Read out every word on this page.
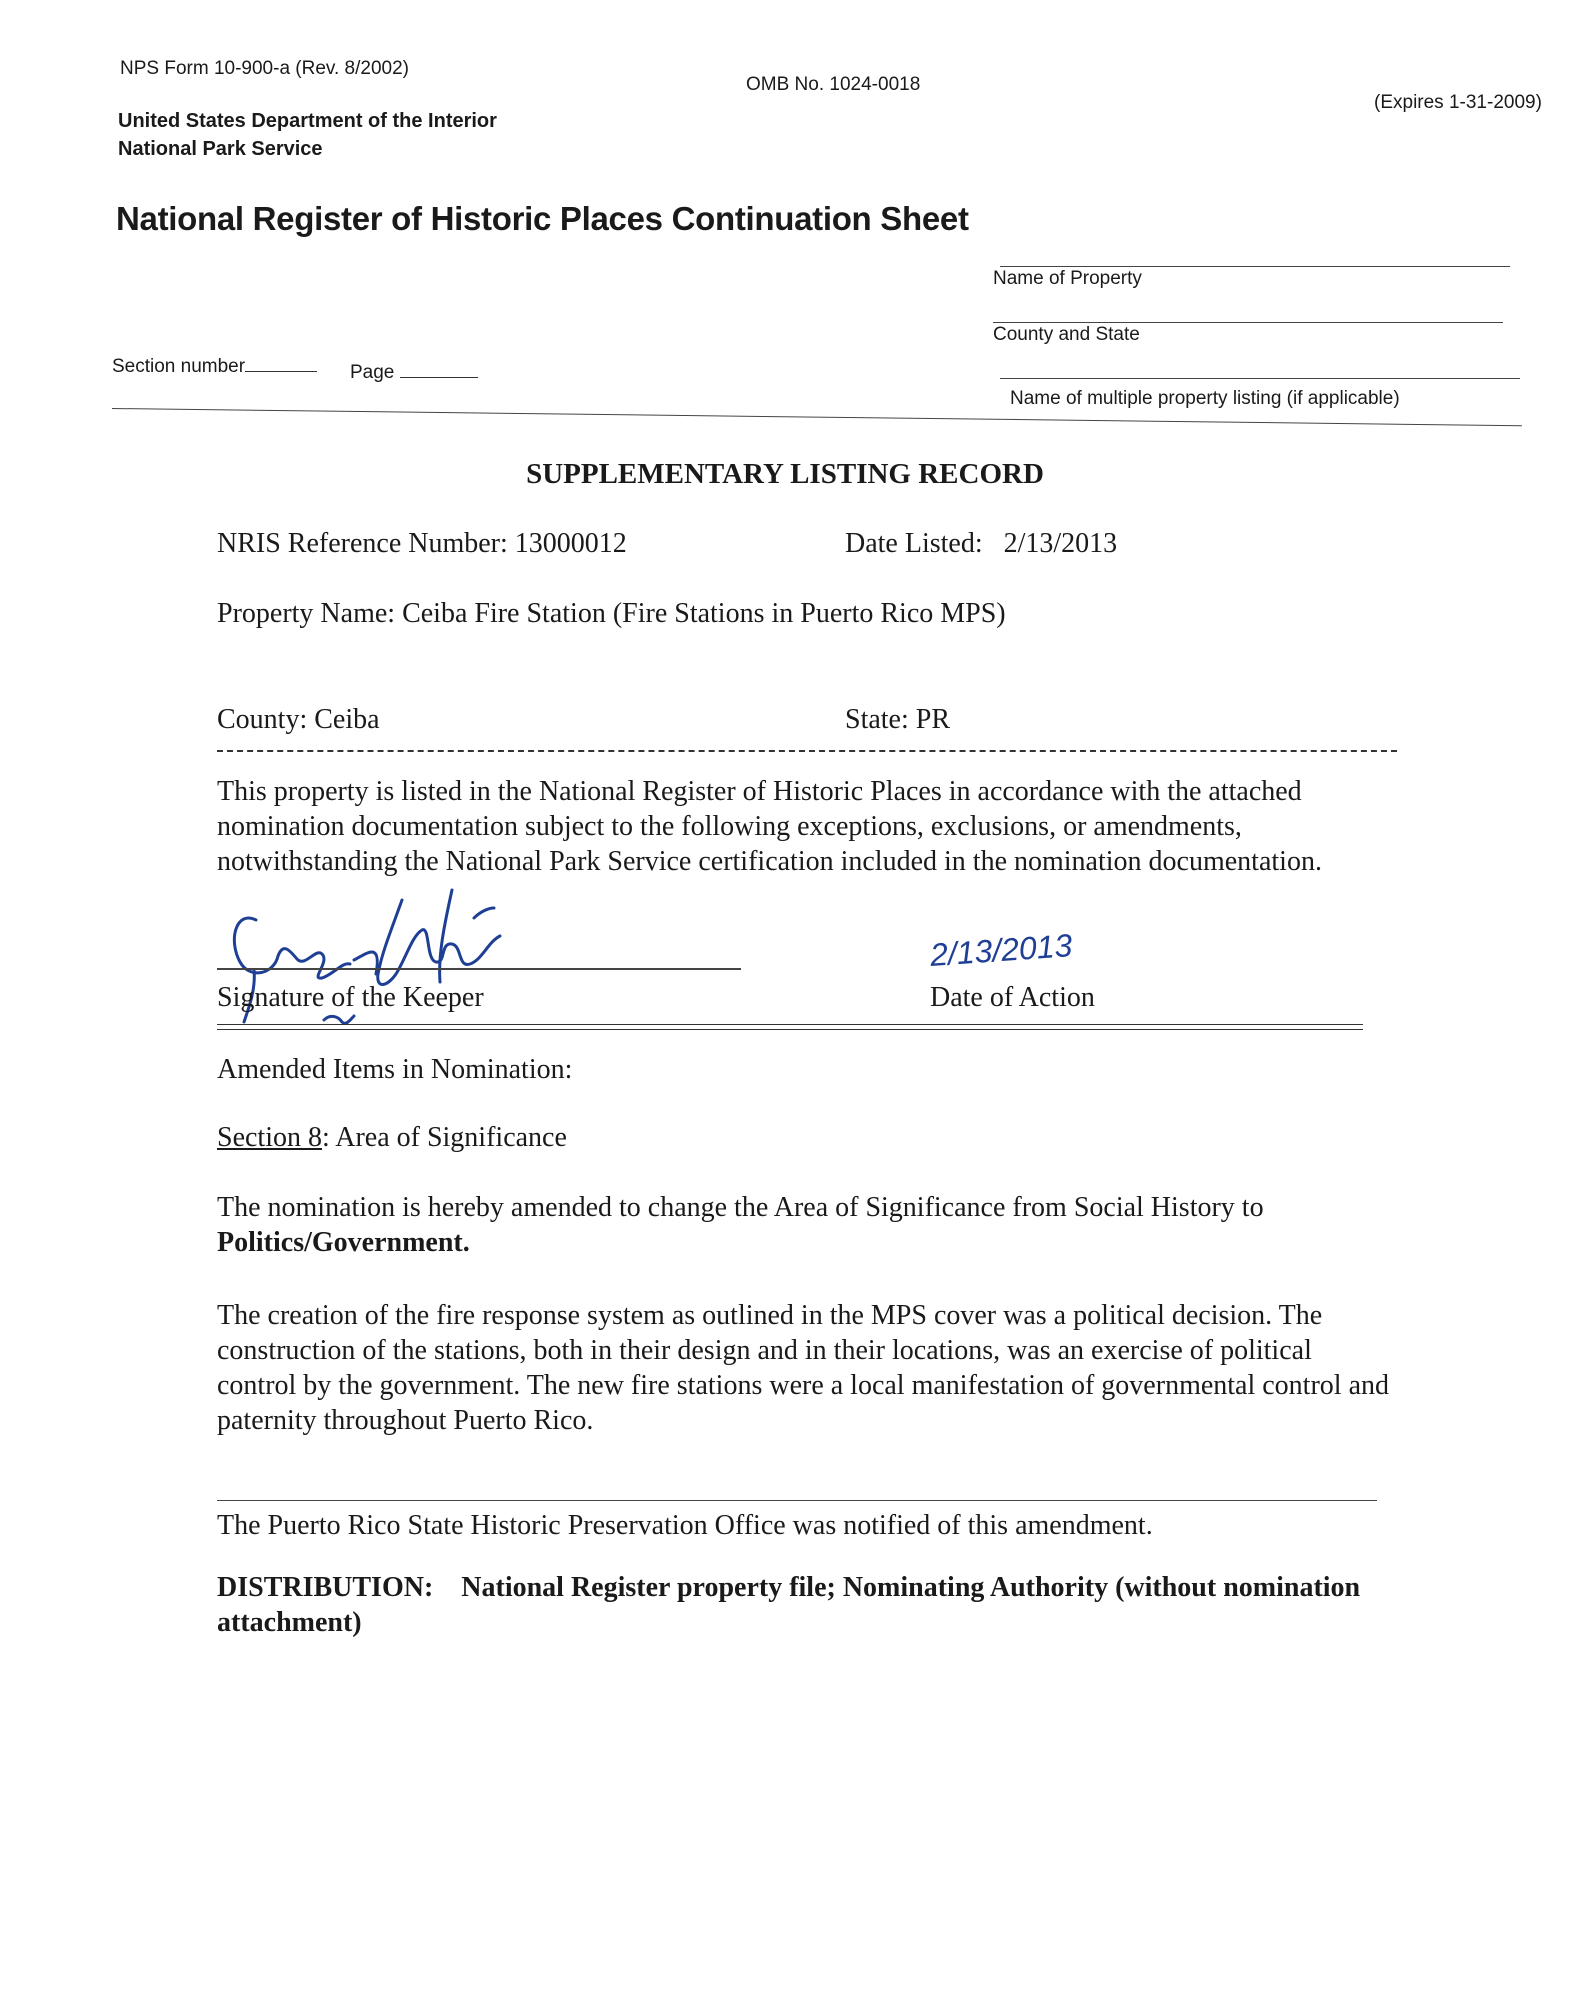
NPS Form 10-900-a (Rev. 8/2002)
OMB No. 1024-0018
(Expires 1-31-2009)
United States Department of the Interior
National Park Service
National Register of Historic Places Continuation Sheet
Name of Property
County and State
Name of multiple property listing (if applicable)
Section number	Page
SUPPLEMENTARY LISTING RECORD
NRIS Reference Number: 13000012	Date Listed: 2/13/2013
Property Name: Ceiba Fire Station (Fire Stations in Puerto Rico MPS)
County: Ceiba	State: PR
This property is listed in the National Register of Historic Places in accordance with the attached nomination documentation subject to the following exceptions, exclusions, or amendments, notwithstanding the National Park Service certification included in the nomination documentation.
Signature of the Keeper
2/13/2013
Date of Action
Amended Items in Nomination:
Section 8: Area of Significance
The nomination is hereby amended to change the Area of Significance from Social History to Politics/Government.
The creation of the fire response system as outlined in the MPS cover was a political decision. The construction of the stations, both in their design and in their locations, was an exercise of political control by the government. The new fire stations were a local manifestation of governmental control and paternity throughout Puerto Rico.
The Puerto Rico State Historic Preservation Office was notified of this amendment.
DISTRIBUTION: National Register property file; Nominating Authority (without nomination attachment)
